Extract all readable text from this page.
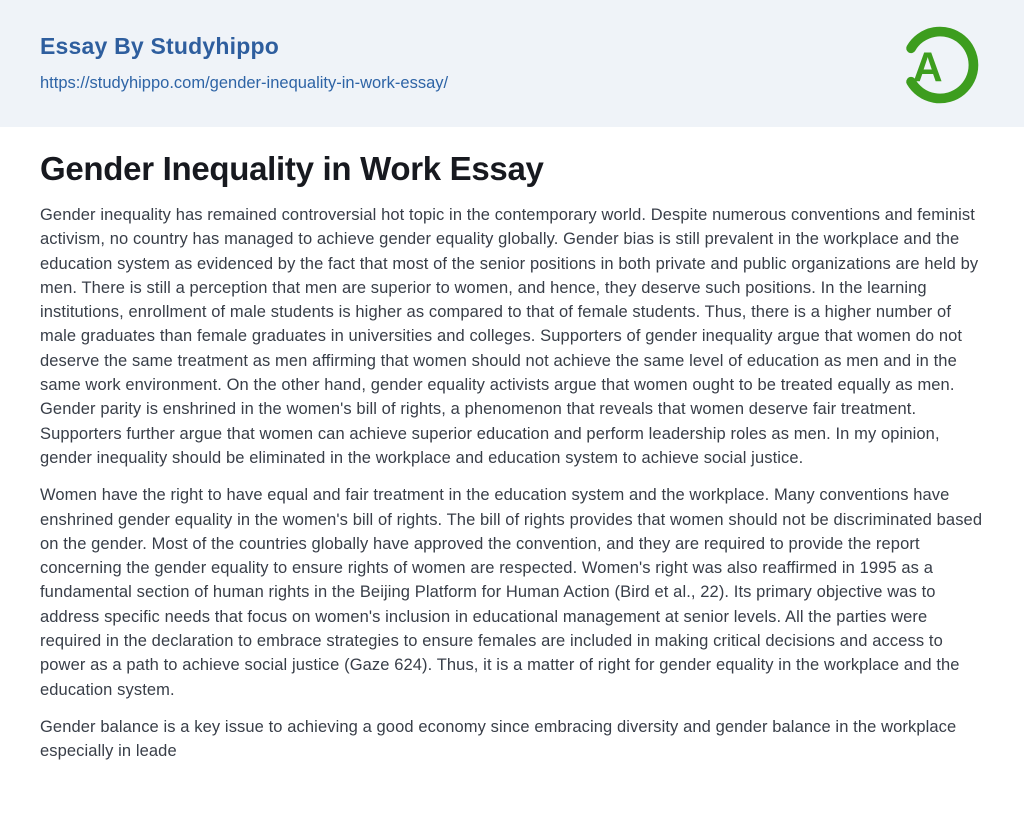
Essay By Studyhippo
https://studyhippo.com/gender-inequality-in-work-essay/	A
Gender Inequality in Work Essay

Gender inequality has remained controversial hot topic in the contemporary world. Despite numerous conventions and feminist activism, no country has managed to achieve gender equality globally. Gender bias is still prevalent in the workplace and the education system as evidenced by the fact that most of the senior positions in both private and public organizations are held by men. There is still a perception that men are superior to women, and hence, they deserve such positions. In the learning institutions, enrollment of male students is higher as compared to that of female students. Thus, there is a higher number of male graduates than female graduates in universities and colleges. Supporters of gender inequality argue that women do not deserve the same treatment as men affirming that women should not achieve the same level of education as men and in the same work environment. On the other hand, gender equality activists argue that women ought to be treated equally as men. Gender parity is enshrined in the women's bill of rights, a phenomenon that reveals that women deserve fair treatment. Supporters further argue that women can achieve superior education and perform leadership roles as men. In my opinion, gender inequality should be eliminated in the workplace and education system to achieve social justice.

Women have the right to have equal and fair treatment in the education system and the workplace. Many conventions have enshrined gender equality in the women's bill of rights. The bill of rights provides that women should not be discriminated based on the gender. Most of the countries globally have approved the convention, and they are required to provide the report concerning the gender equality to ensure rights of women are respected. Women's right was also reaffirmed in 1995 as a fundamental section of human rights in the Beijing Platform for Human Action (Bird et al., 22). Its primary objective was to address specific needs that focus on women's inclusion in educational management at senior levels. All the parties were required in the declaration to embrace strategies to ensure females are included in making critical decisions and access to power as a path to achieve social justice (Gaze 624). Thus, it is a matter of right for gender equality in the workplace and the education system.

Gender balance is a key issue to achieving a good economy since embracing diversity and gender balance in the workplace especially in leade
